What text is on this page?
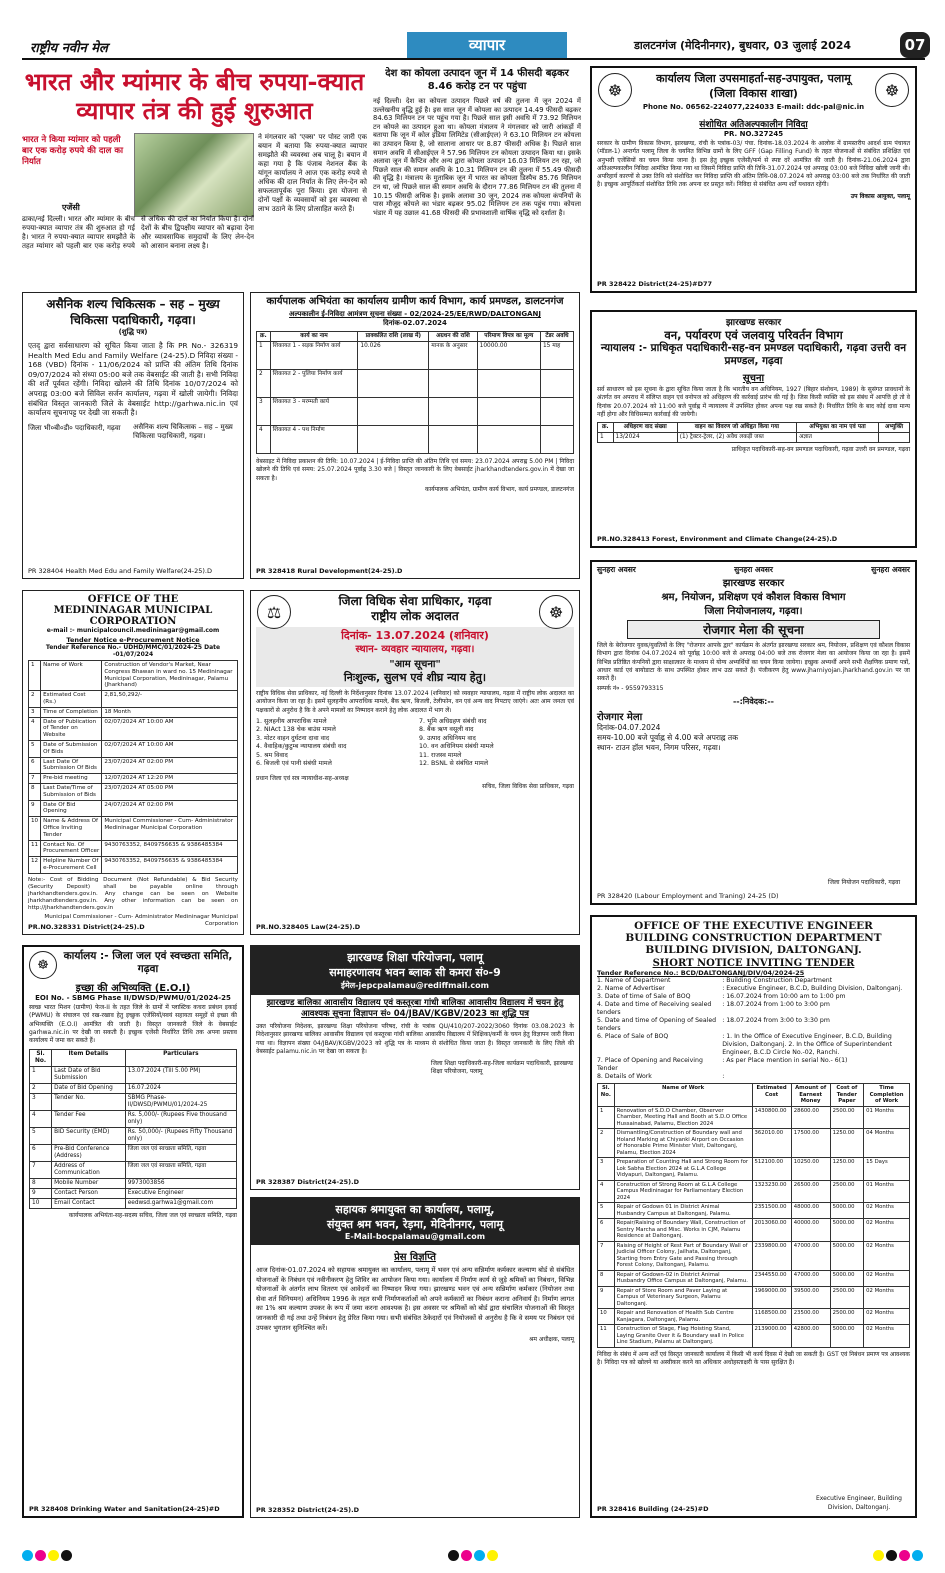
राष्ट्रीय नवीन मेल	व्यापार	डालटनगंज (मेदिनीनगर), बुधवार, 03 जुलाई 2024	07
भारत और म्यांमार के बीच रुपया-क्यात व्यापार तंत्र की हुई शुरुआत
भारत ने किया म्यांमार को पहली बार एक करोड़ रुपये की दाल का निर्यात
एजेंसी
ढाका/नई दिल्ली। भारत और म्यांमार के बीच रुपया-क्यात व्यापार तंत्र की शुरुआत हो गई है। भारत ने रुपया-क्यात व्यापार समझौते के तहत म्यांमार को पहली बार एक करोड़ रुपये से अधिक की दालें का निर्यात किया है। दोनों देशों के बीच द्विपक्षीय व्यापार को बढ़ावा देना और व्यावसायिक समुदायों के लिए लेन-देन को आसान बनाना लक्ष्य है।
ने मंगलवार को 'एक्स' पर पोस्ट जारी एक बयान में बताया कि रुपया-क्यात व्यापार समझौते की व्यवस्था अब चालू है। बयान में कहा गया है कि पंजाब नेशनल बैंक के यांगून कार्यालय ने आज एक करोड़ रुपये से अधिक की दाल निर्यात के लिए लेन-देन को सफलतापूर्वक पूरा किया। इस योजना से दोनों पक्षों के व्यवसायों को इस व्यवस्था से लाभ उठाने के लिए प्रोत्साहित करते हैं।
देश का कोयला उत्पादन जून में 14 फीसदी बढ़कर 8.46 करोड़ टन पर पहुंचा
नई दिल्ली। देश का कोयला उत्पादन पिछले वर्ष की तुलना में जून 2024 में उल्लेखनीय वृद्धि हुई है। इस साल जून में कोयला का उत्पादन 14.49 फीसदी बढ़कर 84.63 मिलियन टन पर पहुंच गया है। पिछले साल इसी अवधि में 73.92 मिलियन टन कोयले का उत्पादन हुआ था। कोयला मंत्रालय ने मंगलवार को जारी आंकड़ों में बताया कि जून में कोल इंडिया लिमिटेड (सीआईएल) ने 63.10 मिलियन टन कोयला का उत्पादन किया है, जो सालाना आधार पर 8.87 फीसदी अधिक है। पिछले साल समान अवधि में सीआईएल ने 57.96 मिलियन टन कोयला उत्पादन किया था। इसके अलावा जून में कैप्टिव और अन्य द्वारा कोयला उत्पादन 16.03 मिलियन टन रहा, जो पिछले साल की समान अवधि के 10.31 मिलियन टन की तुलना में 55.49 फीसदी की वृद्धि है। मंत्रालय के मुताबिक जून में भारत का कोयला डिस्पैच 85.76 मिलियन टन था, जो पिछले साल की समान अवधि के दौरान 77.86 मिलियन टन की तुलना में 10.15 फीसदी अधिक है। इसके अलावा 30 जून, 2024 तक कोयला कंपनियों के पास मौजूद कोयले का भंडार बढ़कर 95.02 मिलियन टन तक पहुंच गया। कोयला भंडार में यह उछाल 41.68 फीसदी की प्रभावशाली वार्षिक वृद्धि को दर्शाता है।
☸	☸
कार्यालय जिला उपसमाहर्ता-सह-उपायुक्त, पलामू
(जिला विकास शाखा)
Phone No. 06562-224077,224033 E-mail: ddc-pal@nic.in
संशोधित अतिअल्पकालीन निविदा
PR. NO.327245
सरकार के ग्रामीण विकास विभाग, झारखण्ड, रांची के पत्रांक-03/ पंचा. दिनांक-18.03.2024 के आलोक में ग्रामस्तरीय आदर्श ग्राम पंचायत (मॉडल-1) अन्तर्गत पलामू जिला के चयनित विभिन्न ग्रामों के लिए GFF (Gap Filling Fund) के तहत योजनाओं से संबंधित प्रशिक्षित एवं अनुभवी एजेंसियों का चयन किया जाना है। इस हेतु इच्छुक एजेंसी/फर्म से स्पष्ट दरें आमंत्रित की जाती है। दिनांक-21.06.2024 द्वारा अतिअल्पकालीन निविदा आमंत्रित किया गया था जिसमें निविदा प्राप्ति की तिथि-31.07.2024 एवं अपराह्न 03:00 बजे निविदा खोली जानी थी। अपरिहार्य कारणों से उक्त तिथि को संशोधित कर निविदा प्राप्ति की अंतिम तिथि-08.07.2024 को अपराह्न 03:00 बजे तक निर्धारित की जाती है। इच्छुक आपूर्तिकर्ता संशोधित तिथि तक अपना दर प्रस्तुत करें। निविदा से संबंधित अन्य शर्तें यथावत रहेंगी।
उप विकास आयुक्त, पलामू
PR 328422 District(24-25)#D77
असैनिक शल्य चिकित्सक – सह – मुख्य चिकित्सा पदाधिकारी, गढ़वा।
(शुद्धि पत्र)
एतद् द्वारा सर्वसाधारण को सूचित किया जाता है कि PR No.- 326319 Health Med Edu and Family Welfare (24-25).D निविदा संख्या - 168 (VBD) दिनांक - 11/06/2024 को प्राप्ति की अंतिम तिथि दिनांक 09/07/2024 को संध्या 05:00 बजे तक वेबसाईट की जाती है। सभी निविदा की शर्तें पूर्ववत रहेंगी। निविदा खोलने की तिथि दिनांक 10/07/2024 को अपराह्न 03:00 बजे सिविल सर्जन कार्यालय, गढ़वा में खोली जायेगी। निविदा संबंधित विस्तृत जानकारी जिले के वेबसाईट http://garhwa.nic.in एवं कार्यालय सूचनापट्ट पर देखी जा सकती है।
जिला भी०बी०डी० पदाधिकारी, गढ़वा असैनिक शल्य चिकित्सक – सह – मुख्य चिकित्सा पदाधिकारी, गढ़वा।
PR 328404 Health Med Edu and Family Welfare(24-25).D
कार्यपालक अभियंता का कार्यालय ग्रामीण कार्य विभाग, कार्य प्रमण्डल, डालटनगंज
अल्पकालीन ई-निविदा आमंत्रण सूचना संख्या - 02/2024-25/EE/RWD/DALTONGANJ
दिनांक-02.07.2024
क्र.	कार्य का नाम	प्राक्कलित राशि (लाख में)	अग्रधन की राशि	परिमाण विपत्र का मूल्य	टेंडर अवधि
1	शिकायत 1 - सड़क निर्माण कार्य	10.026	मानक के अनुसार	10000.00	15 माह
2	शिकायत 2 - पुलिया निर्माण कार्य				
3	शिकायत 3 - मरम्मती कार्य				
4	शिकायत 4 - पथ निर्माण				
वेबसाइट में निविदा प्रकाशन की तिथि: 10.07.2024 | ई-निविदा प्राप्ति की अंतिम तिथि एवं समय: 23.07.2024 अपराह्न 5.00 PM | निविदा खोलने की तिथि एवं समय: 25.07.2024 पूर्वाह्न 3.30 बजे | विस्तृत जानकारी के लिए वेबसाईट jharkhandtenders.gov.in में देखा जा सकता है।
कार्यपालक अभियंता, ग्रामीण कार्य विभाग, कार्य प्रमण्डल, डालटनगंज
PR 328418 Rural Development(24-25).D
झारखण्ड सरकार
वन, पर्यावरण एवं जलवायु परिवर्तन विभाग
न्यायालय :- प्राधिकृत पदाधिकारी-सह-वन प्रमण्डल पदाधिकारी, गढ़वा उत्तरी वन प्रमण्डल, गढ़वा
सूचना
सर्व साधारण को इस सूचना के द्वारा सूचित किया जाता है कि भारतीय वन अधिनियम, 1927 (बिहार संशोधन, 1989) के सुसंगत प्रावधानों के अंतर्गत वन अपराध में संलिप्त वाहन एवं वनोपज को अधिहरण की कार्रवाई प्रारंभ की गई है। जिस किसी व्यक्ति को इस संबंध में आपत्ति हो तो वे दिनांक 20.07.2024 को 11:00 बजे पूर्वाह्न में न्यायालय में उपस्थित होकर अपना पक्ष रख सकते हैं। निर्धारित तिथि के बाद कोई दावा मान्य नहीं होगा और विधिसम्मत कार्रवाई की जायेगी।
क्र.	अधिहरण वाद संख्या	वाहन का विवरण जो अधिहृत किया गया	अभियुक्त का नाम एवं पता	अभ्युक्ति
1	13/2024	(1) ट्रैक्टर-ट्रेलर, (2) अवैध लकड़ी जब्त	अज्ञात	
प्राधिकृत पदाधिकारी-सह-वन प्रमण्डल पदाधिकारी, गढ़वा उत्तरी वन प्रमण्डल, गढ़वा
PR.NO.328413 Forest, Environment and Climate Change(24-25).D
OFFICE OF THE
MEDININAGAR MUNICIPAL CORPORATION
e-mail :- municipalcouncil.medininagar@gmail.com
Tender Notice e-Procurement Notice
Tender Reference No.- UDHD/MMC/01/2024-25 Date -01/07/2024
1	Name of Work	Construction of Vendor's Market, Near Congress Bhawan in ward no. 15 Medininagar Municipal Corporation, Medininagar, Palamu (Jharkhand)
2	Estimated Cost (Rs.)	2,81,50,292/-
3	Time of Completion	18 Month
4	Date of Publication of Tender on Website	02/07/2024 AT 10:00 AM
5	Date of Submission Of Bids	02/07/2024 AT 10:00 AM
6	Last Date Of Submission Of Bids	23/07/2024 AT 02:00 PM
7	Pre-bid meeting	12/07/2024 AT 12:20 PM
8	Last Date/Time of Submission of Bids	23/07/2024 AT 05:00 PM
9	Date Of Bid Opening	24/07/2024 AT 02:00 PM
10	Name & Address Of Office Inviting Tender	Municipal Commissioner - Cum- Administrator Medininagar Municipal Corporation
11	Contact No. Of Procurement Officer	9430763352, 8409756635 & 9386485384
12	Helpline Number Of e-Procurement Cell	9430763352, 8409756635 & 9386485384
Note:- Cost of Bidding Document (Not Refundable) & Bid Security (Security Deposit) shall be payable online through jharkhandtenders.gov.in. Any change can be seen on Website jharkhandtenders.gov.in. Any other information can be seen on http://jharkhandtenders.gov.in
Municipal Commissioner - Cum- Administrator Medininagar Municipal Corporation
PR.NO.328331 District(24-25).D
⚖	☸
जिला विधिक सेवा प्राधिकार, गढ़वा
राष्ट्रीय लोक अदालत
दिनांक- 13.07.2024 (शनिवार)
स्थान- व्यवहार न्यायालय, गढ़वा।
"आम सूचना"
निःशुल्क, सुलभ एवं शीघ्र न्याय हेतु।
राष्ट्रीय विधिक सेवा प्राधिकार, नई दिल्ली के निर्देशानुसार दिनांक 13.07.2024 (शनिवार) को व्यवहार न्यायालय, गढ़वा में राष्ट्रीय लोक अदालत का आयोजन किया जा रहा है। इसमें सुलहनीय आपराधिक मामले, बैंक ऋण, बिजली, टेलीफोन, वन एवं अन्य वाद निपटाए जाएंगे। अतः आम जनता एवं पक्षकारों से अनुरोध है कि वे अपने मामलों का निष्पादन कराने हेतु लोक अदालत में भाग लें।
1. सुलहनीय आपराधिक मामले
2. NIAct 138 चेक बाउंस मामले
3. मोटर वाहन दुर्घटना दावा वाद
4. वैवाहिक/कुटुम्ब न्यायालय संबंधी वाद
5. श्रम विवाद
6. बिजली एवं पानी संबंधी मामले
7. भूमि अधिग्रहण संबंधी वाद
8. बैंक ऋण वसूली वाद
9. उत्पाद अधिनियम वाद
10. वन अधिनियम संबंधी मामले
11. राजस्व मामले
12. BSNL से संबंधित मामले
प्रधान जिला एवं सत्र न्यायाधीश-सह-अध्यक्ष
सचिव, जिला विधिक सेवा प्राधिकार, गढ़वा
PR.NO.328405 Law(24-25).D
सुनहरा अवसर	सुनहरा अवसर	सुनहरा अवसर
झारखण्ड सरकार
श्रम, नियोजन, प्रशिक्षण एवं कौशल विकास विभाग
जिला नियोजनालय, गढ़वा।
रोजगार मेला की सूचना
जिले के बेरोजगार युवक/युवतियों के लिए "रोजगार आपके द्वार" कार्यक्रम के अंतर्गत झारखण्ड सरकार श्रम, नियोजन, प्रशिक्षण एवं कौशल विकास विभाग द्वारा दिनांक 04.07.2024 को पूर्वाह्न 10:00 बजे से अपराह्न 04:00 बजे तक रोजगार मेला का आयोजन किया जा रहा है। इसमें विभिन्न प्रतिष्ठित कंपनियों द्वारा साक्षात्कार के माध्यम से योग्य अभ्यर्थियों का चयन किया जायेगा। इच्छुक अभ्यर्थी अपने सभी शैक्षणिक प्रमाण पत्रों, आधार कार्ड एवं बायोडाटा के साथ उपस्थित होकर लाभ उठा सकते हैं। पंजीकरण हेतु www.jharniyojan.jharkhand.gov.in पर जा सकते हैं।
सम्पर्क नं० - 9559793315
--:निवेदक:--
रोजगार मेला
दिनांक-04.07.2024
समय-10.00 बजे पूर्वाह्न से 4.00 बजे अपराह्न तक
स्थान- टाउन हॉल भवन, निगम परिसर, गढ़वा।
जिला नियोजन पदाधिकारी, गढ़वा
PR 328420 (Labour Employment and Traning) 24-25 (D)
☸
कार्यालय :- जिला जल एवं स्वच्छता समिति, गढ़वा
इच्छा की अभिव्यक्ति (E.O.I)
EOI No. - SBMG Phase II/DWSD/PWMU/01/2024-25
स्वच्छ भारत मिशन (ग्रामीण) फेज-II के तहत जिले के ग्रामों में प्लास्टिक कचरा प्रबंधन इकाई (PWMU) के संचालन एवं रख-रखाव हेतु इच्छुक एजेंसियों/स्वयं सहायता समूहों से इच्छा की अभिव्यक्ति (E.O.I) आमंत्रित की जाती है। विस्तृत जानकारी जिले के वेबसाईट garhwa.nic.in पर देखी जा सकती है। इच्छुक एजेंसी निर्धारित तिथि तक अपना प्रस्ताव कार्यालय में जमा कर सकते हैं।
Sl. No.	Item Details	Particulars
1	Last Date of Bid Submission	13.07.2024 (Till 5.00 PM)
2	Date of Bid Opening	16.07.2024
3	Tender No.	SBMG Phase-II/DWSD/PWMU/01/2024-25
4	Tender Fee	Rs. 5,000/- (Rupees Five thousand only)
5	BID Security (EMD)	Rs. 50,000/- (Rupees Fifty Thousand only)
6	Pre-Bid Conference (Address)	जिला जल एवं स्वच्छता समिति, गढ़वा
7	Address of Communication	जिला जल एवं स्वच्छता समिति, गढ़वा
8	Mobile Number	9973003856
9	Contact Person	Executive Engineer
10	Email Contact	eedwsd.garhwa1@gmail.com
कार्यपालक अभियंता-सह-सदस्य सचिव, जिला जल एवं स्वच्छता समिति, गढ़वा
PR 328408 Drinking Water and Sanitation(24-25)#D
झारखण्ड शिक्षा परियोजना, पलामू
समाहरणालय भवन ब्लाक सी कमरा सं०-9
ईमेल-jepcpalamau@rediffmail.com
झारखण्ड बालिका आवासीय विद्यालय एवं कस्तूरबा गांधी बालिका आवासीय विद्यालय में चयन हेतु आवश्यक सूचना विज्ञापन सं० 04/JBAV/KGBV/2023 का शुद्धि पत्र
उक्त परियोजना निदेशक, झारखण्ड शिक्षा परियोजना परिषद, रांची के पत्रांक QU/410/207-2022/3060 दिनांक 03.08.2023 के निदेशानुसार झारखण्ड बालिका आवासीय विद्यालय एवं कस्तूरबा गांधी बालिका आवासीय विद्यालय में शिक्षिका/कर्मी के चयन हेतु विज्ञापन जारी किया गया था। विज्ञापन संख्या 04/JBAV/KGBV/2023 को शुद्धि पत्र के माध्यम से संशोधित किया जाता है। विस्तृत जानकारी के लिए जिले की वेबसाईट palamu.nic.in पर देखा जा सकता है।
जिला शिक्षा पदाधिकारी-सह-जिला कार्यक्रम पदाधिकारी, झारखण्ड शिक्षा परियोजना, पलामू
PR 328387 District(24-25).D
सहायक श्रमायुक्त का कार्यालय, पलामू,
संयुक्त श्रम भवन, रेड़मा, मेदिनीनगर, पलामू
E-Mail-bocpalamau@gmail.com
प्रेस विज्ञप्ति
आज दिनांक-01.07.2024 को सहायक श्रमायुक्त का कार्यालय, पलामू में भवन एवं अन्य सन्निर्माण कर्मकार कल्याण बोर्ड से संबंधित योजनाओं के निबंधन एवं नवीनीकरण हेतु शिविर का आयोजन किया गया। कार्यालय में निर्माण कार्य से जुड़े श्रमिकों का निबंधन, विभिन्न योजनाओं के अंतर्गत लाभ वितरण एवं आवेदनों का निष्पादन किया गया। झारखण्ड भवन एवं अन्य सन्निर्माण कर्मकार (नियोजन तथा सेवा शर्त विनियमन) अधिनियम 1996 के तहत सभी निर्माणकर्ताओं को अपने कर्मकारों का निबंधन कराना अनिवार्य है। निर्माण लागत का 1% श्रम कल्याण उपकर के रूप में जमा करना आवश्यक है। इस अवसर पर श्रमिकों को बोर्ड द्वारा संचालित योजनाओं की विस्तृत जानकारी दी गई तथा उन्हें निबंधन हेतु प्रेरित किया गया। सभी संबंधित ठेकेदारों एवं नियोजकों से अनुरोध है कि वे समय पर निबंधन एवं उपकर भुगतान सुनिश्चित करें।
श्रम अधीक्षक, पलामू
PR 328352 District(24-25).D
OFFICE OF THE EXECUTIVE ENGINEER
BUILDING CONSTRUCTION DEPARTMENT
BUILDING DIVISION, DALTONGANJ.
SHORT NOTICE INVITING TENDER
Tender Reference No.: BCD/DALTONGANJ/DIV/04/2024-25
1. Name of Department	: Building Construction Department
2. Name of Advertiser	: Executive Engineer, B.C.D, Building Division, Daltonganj.
3. Date of time of Sale of BOQ	: 16.07.2024 from 10:00 am to 1:00 pm
4. Date and time of Receiving sealed tenders
: 18.07.2024 from 1:00 to 3:00 pm
5. Date and time of Opening of Sealed tenders
: 18.07.2024 from 3:00 to 3:30 pm
6. Place of Sale of BOQ	: 1. In the Office of Executive Engineer, B.C.D, Building Division, Daltonganj. 2. In the Office of Superintendent Engineer, B.C.D Circle No.-02, Ranchi.
7. Place of Opening and Receiving Tender
: As per Place mention in serial No.- 6(1)
8. Details of Work	:
Sl. No.	Name of Work	Estimated Cost	Amount of Earnest Money	Cost of Tender Paper	Time Completion of Work
1	Renovation of S.D.O Chamber, Observer Chamber, Meeting Hall and Booth at S.D.O Office Hussainabad, Palamu, Election 2024	1430800.00	28600.00	2500.00	01 Months
2	Dismantling/Construction of Boundary wall and Holand Marking at Chiyanki Airport on Occasion of Honorable Prime Minister Visit, Daltonganj, Palamu, Election 2024	362010.00	17500.00	1250.00	04 Months
3	Preparation of Counting Hall and Strong Room for Lok Sabha Election 2024 at G.L.A College Vidyapuri, Daltonganj, Palamu.	512100.00	10250.00	1250.00	15 Days
4	Construction of Strong Room at G.L.A College Campus Medininagar for Parliamentary Election 2024	1323230.00	26500.00	2500.00	01 Months
5	Repair of Godown 01 in District Animal Husbandry Campus at Daltonganj, Palamu.	2351500.00	48000.00	5000.00	02 Months
6	Repair/Raising of Boundary Wall, Construction of Sentry Marcha and Misc. Works in CJM, Palamu Residence at Daltonganj.	2013060.00	40000.00	5000.00	02 Months
7	Raising of Height of Rest Part of Boundary Wall of Judicial Officer Colony, Jailhata, Daltonganj, Starting from Entry Gate and Passing through Forest Colony, Daltonganj, Palamu.	2339800.00	47000.00	5000.00	02 Months
8	Repair of Godown-02 in District Animal Husbandry Office Campus at Daltonganj, Palamu.	2344550.00	47000.00	5000.00	02 Months
9	Repair of Store Room and Paver Laying at Campus of Veterinary Surgeon, Palamu Daltonganj.	1969000.00	39500.00	2500.00	02 Months
10	Repair and Renovation of Health Sub Centre Kanjagara, Daltonganj, Palamu.	1168500.00	23500.00	2500.00	02 Months
11	Construction of Stage, Flag Hoisting Stand, Laying Granite Over it & Boundary wall in Police Line Stadium, Palamu at Daltonganj.	2139000.00	42800.00	5000.00	02 Months
निविदा के संबंध में अन्य शर्तें एवं विस्तृत जानकारी कार्यालय में किसी भी कार्य दिवस में देखी जा सकती है। GST एवं निबंधन प्रमाण पत्र आवश्यक है। निविदा पत्र को खोलने या अस्वीकार करने का अधिकार अधोहस्ताक्षरी के पास सुरक्षित है।
Executive Engineer, Building Division, Daltonganj.
PR 328416 Building (24-25)#D
